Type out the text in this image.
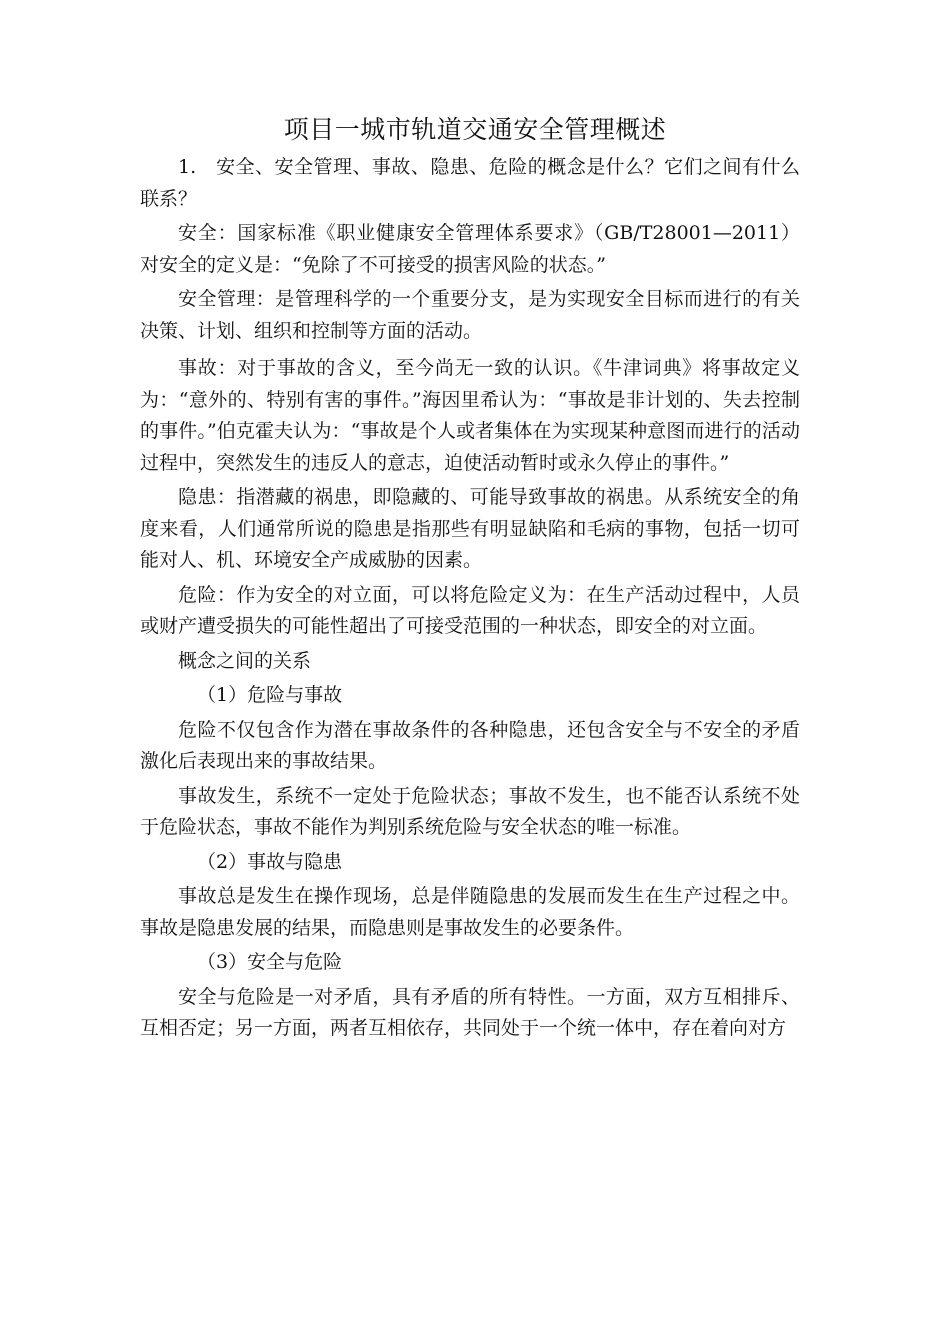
项目一城市轨道交通安全管理概述

1.　安全、安全管理、事故、隐患、危险的概念是什么？它们之间有什么联系？

安全：国家标准《职业健康安全管理体系要求》（GB/T28001—2011）对安全的定义是：“免除了不可接受的损害风险的状态。”

安全管理：是管理科学的一个重要分支，是为实现安全目标而进行的有关决策、计划、组织和控制等方面的活动。

事故：对于事故的含义，至今尚无一致的认识。《牛津词典》将事故定义为：“意外的、特别有害的事件。”海因里希认为：“事故是非计划的、失去控制的事件。”伯克霍夫认为：“事故是个人或者集体在为实现某种意图而进行的活动过程中，突然发生的违反人的意志，迫使活动暂时或永久停止的事件。”

隐患：指潜藏的祸患，即隐藏的、可能导致事故的祸患。从系统安全的角度来看，人们通常所说的隐患是指那些有明显缺陷和毛病的事物，包括一切可能对人、机、环境安全产成威胁的因素。

危险：作为安全的对立面，可以将危险定义为：在生产活动过程中，人员或财产遭受损失的可能性超出了可接受范围的一种状态，即安全的对立面。

概念之间的关系

（1）危险与事故

危险不仅包含作为潜在事故条件的各种隐患，还包含安全与不安全的矛盾激化后表现出来的事故结果。

事故发生，系统不一定处于危险状态；事故不发生，也不能否认系统不处于危险状态，事故不能作为判别系统危险与安全状态的唯一标准。

（2）事故与隐患

事故总是发生在操作现场，总是伴随隐患的发展而发生在生产过程之中。事故是隐患发展的结果，而隐患则是事故发生的必要条件。

（3）安全与危险

安全与危险是一对矛盾，具有矛盾的所有特性。一方面，双方互相排斥、互相否定；另一方面，两者互相依存，共同处于一个统一体中，存在着向对方
